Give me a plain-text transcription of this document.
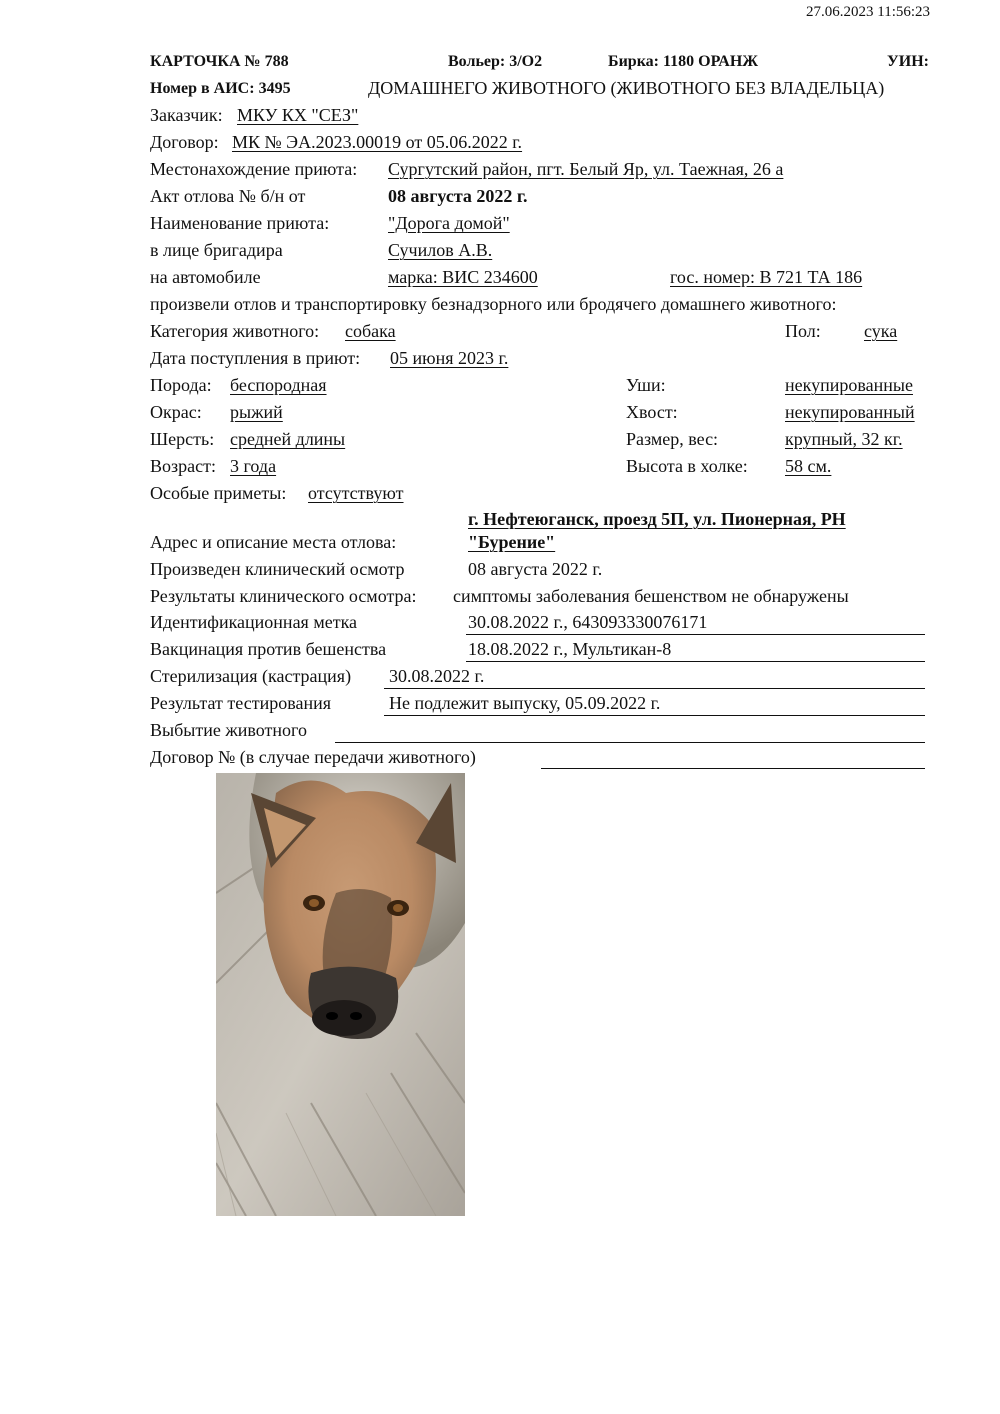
27.06.2023 11:56:23
КАРТОЧКА № 788	Вольер: 3/О2	Бирка: 1180 ОРАНЖ	УИН:
Номер в АИС: 3495	ДОМАШНЕГО ЖИВОТНОГО (ЖИВОТНОГО БЕЗ ВЛАДЕЛЬЦА)
Заказчик: МКУ КХ "СЕЗ"
Договор: МК № ЭА.2023.00019 от 05.06.2022 г.
Местонахождение приюта: Сургутский район, пгт. Белый Яр, ул. Таежная, 26 а
Акт отлова № б/н от	08 августа 2022 г.
Наименование приюта:	"Дорога домой"
в лице бригадира	Сучилов А.В.
на автомобиле	марка: ВИС 234600	гос. номер: В 721 ТА 186
произвели отлов и транспортировку безнадзорного или бродячего домашнего животного:
Категория животного: собака	Пол: сука
Дата поступления в приют: 05 июня 2023 г.
Порода: беспородная	Уши:	некупированные
Окрас: рыжий	Хвост:	некупированный
Шерсть: средней длины	Размер, вес:	крупный, 32 кг.
Возраст: 3 года	Высота в холке: 58 см.
Особые приметы: отсутствуют
г. Нефтеюганск, проезд 5П, ул. Пионерная, РН
Адрес и описание места отлова:	"Бурение"
Произведен клинический осмотр	08 августа 2022 г.
Результаты клинического осмотра: симптомы заболевания бешенством не обнаружены
Идентификационная метка	30.08.2022 г., 643093330076171
Вакцинация против бешенства	18.08.2022 г., Мультикан-8
Стерилизация (кастрация) 30.08.2022 г.
Результат тестирования	Не подлежит выпуску, 05.09.2022 г.
Выбытие животного
Договор № (в случае передачи животного)
